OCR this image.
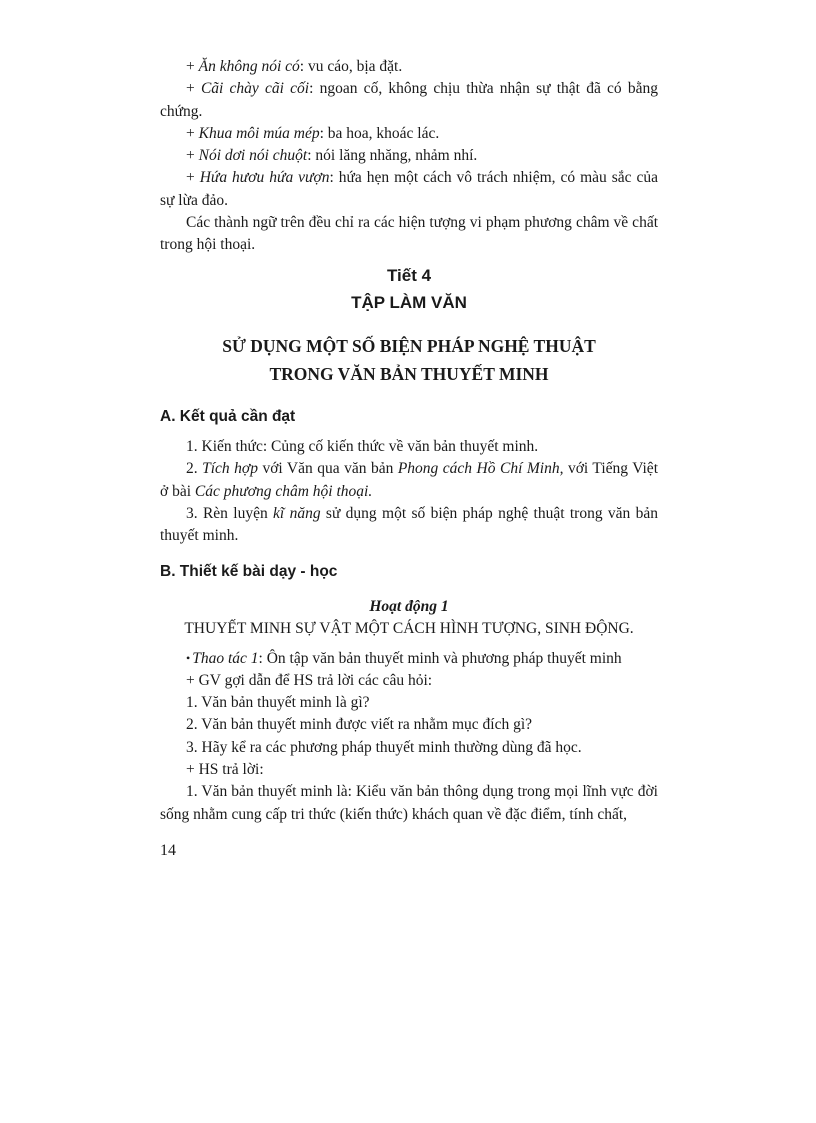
+ Ăn không nói có: vu cáo, bịa đặt.

+ Cãi chày cãi cối: ngoan cố, không chịu thừa nhận sự thật đã có bằng chứng.

+ Khua môi múa mép: ba hoa, khoác lác.

+ Nói dơi nói chuột: nói lăng nhăng, nhảm nhí.

+ Hứa hươu hứa vượn: hứa hẹn một cách vô trách nhiệm, có màu sắc của sự lừa đảo.

Các thành ngữ trên đều chỉ ra các hiện tượng vi phạm phương châm về chất trong hội thoại.

Tiết 4

TẬP LÀM VĂN

SỬ DỤNG MỘT SỐ BIỆN PHÁP NGHỆ THUẬT

TRONG VĂN BẢN THUYẾT MINH

A. Kết quả cần đạt

1. Kiến thức: Củng cố kiến thức về văn bản thuyết minh.

2. Tích hợp với Văn qua văn bản Phong cách Hồ Chí Minh, với Tiếng Việt ở bài Các phương châm hội thoại.

3. Rèn luyện kĩ năng sử dụng một số biện pháp nghệ thuật trong văn bản thuyết minh.

B. Thiết kế bài dạy - học

Hoạt động 1

THUYẾT MINH SỰ VẬT MỘT CÁCH HÌNH TƯỢNG, SINH ĐỘNG.

• Thao tác 1: Ôn tập văn bản thuyết minh và phương pháp thuyết minh

+ GV gợi dẫn để HS trả lời các câu hỏi:

1. Văn bản thuyết minh là gì?

2. Văn bản thuyết minh được viết ra nhằm mục đích gì?

3. Hãy kể ra các phương pháp thuyết minh thường dùng đã học.

+ HS trả lời:

1. Văn bản thuyết minh là: Kiểu văn bản thông dụng trong mọi lĩnh vực đời sống nhằm cung cấp tri thức (kiến thức) khách quan về đặc điểm, tính chất,

14
